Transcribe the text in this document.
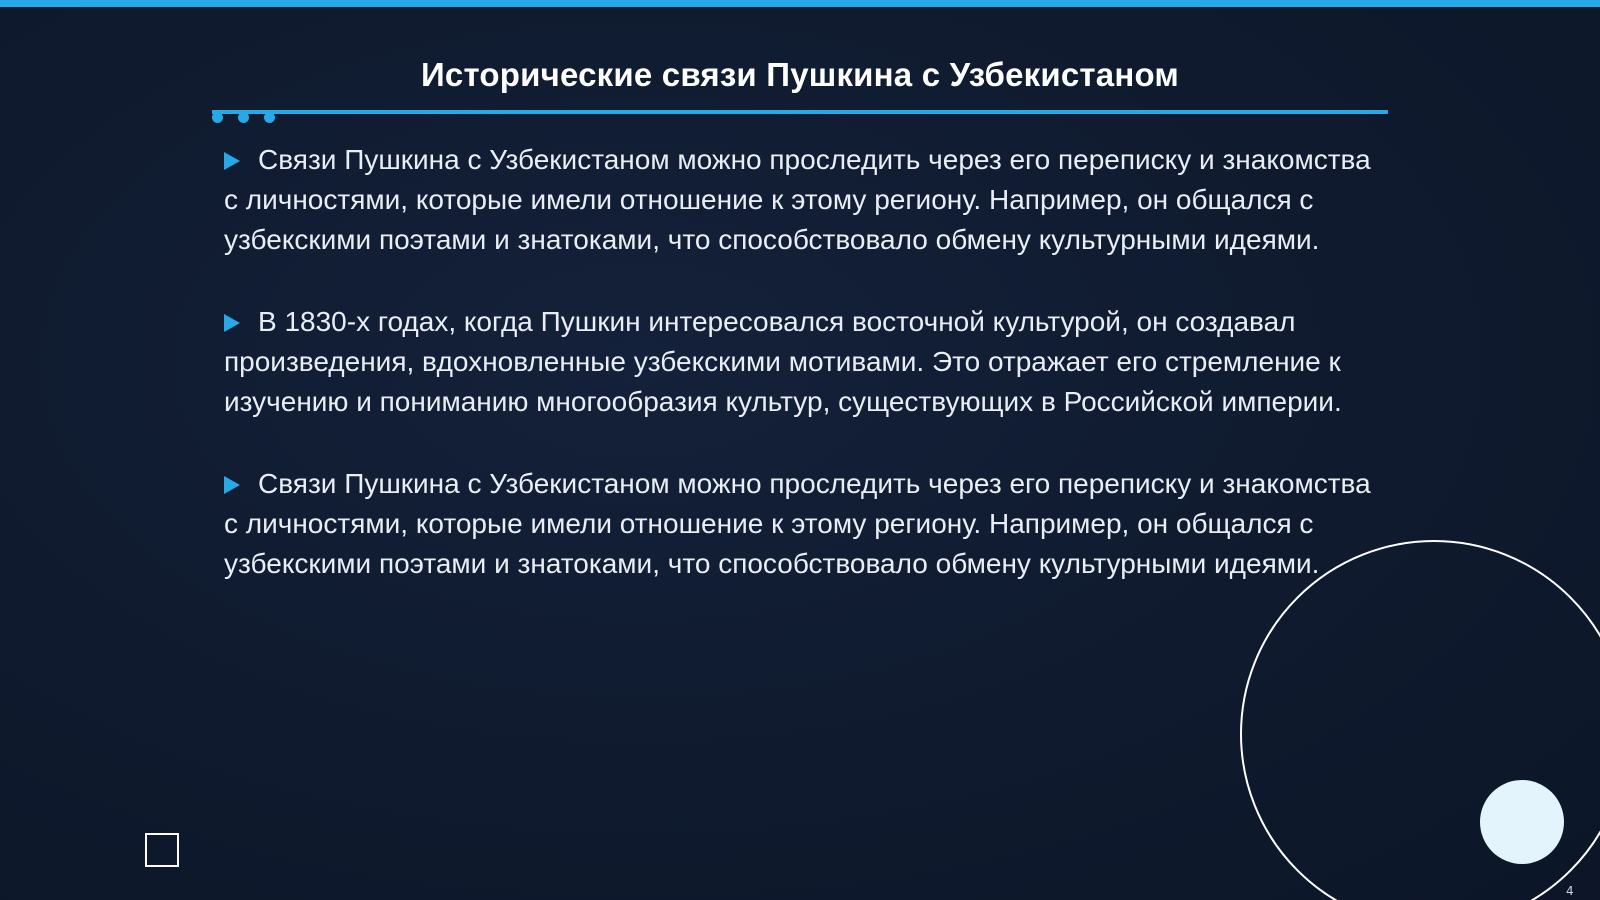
Исторические связи Пушкина с Узбекистаном

Связи Пушкина с Узбекистаном можно проследить через его переписку и знакомства с личностями, которые имели отношение к этому региону. Например, он общался с узбекскими поэтами и знатоками, что способствовало обмену культурными идеями.

В 1830-х годах, когда Пушкин интересовался восточной культурой, он создавал произведения, вдохновленные узбекскими мотивами. Это отражает его стремление к изучению и пониманию многообразия культур, существующих в Российской империи.

Связи Пушкина с Узбекистаном можно проследить через его переписку и знакомства с личностями, которые имели отношение к этому региону. Например, он общался с узбекскими поэтами и знатоками, что способствовало обмену культурными идеями.

4
